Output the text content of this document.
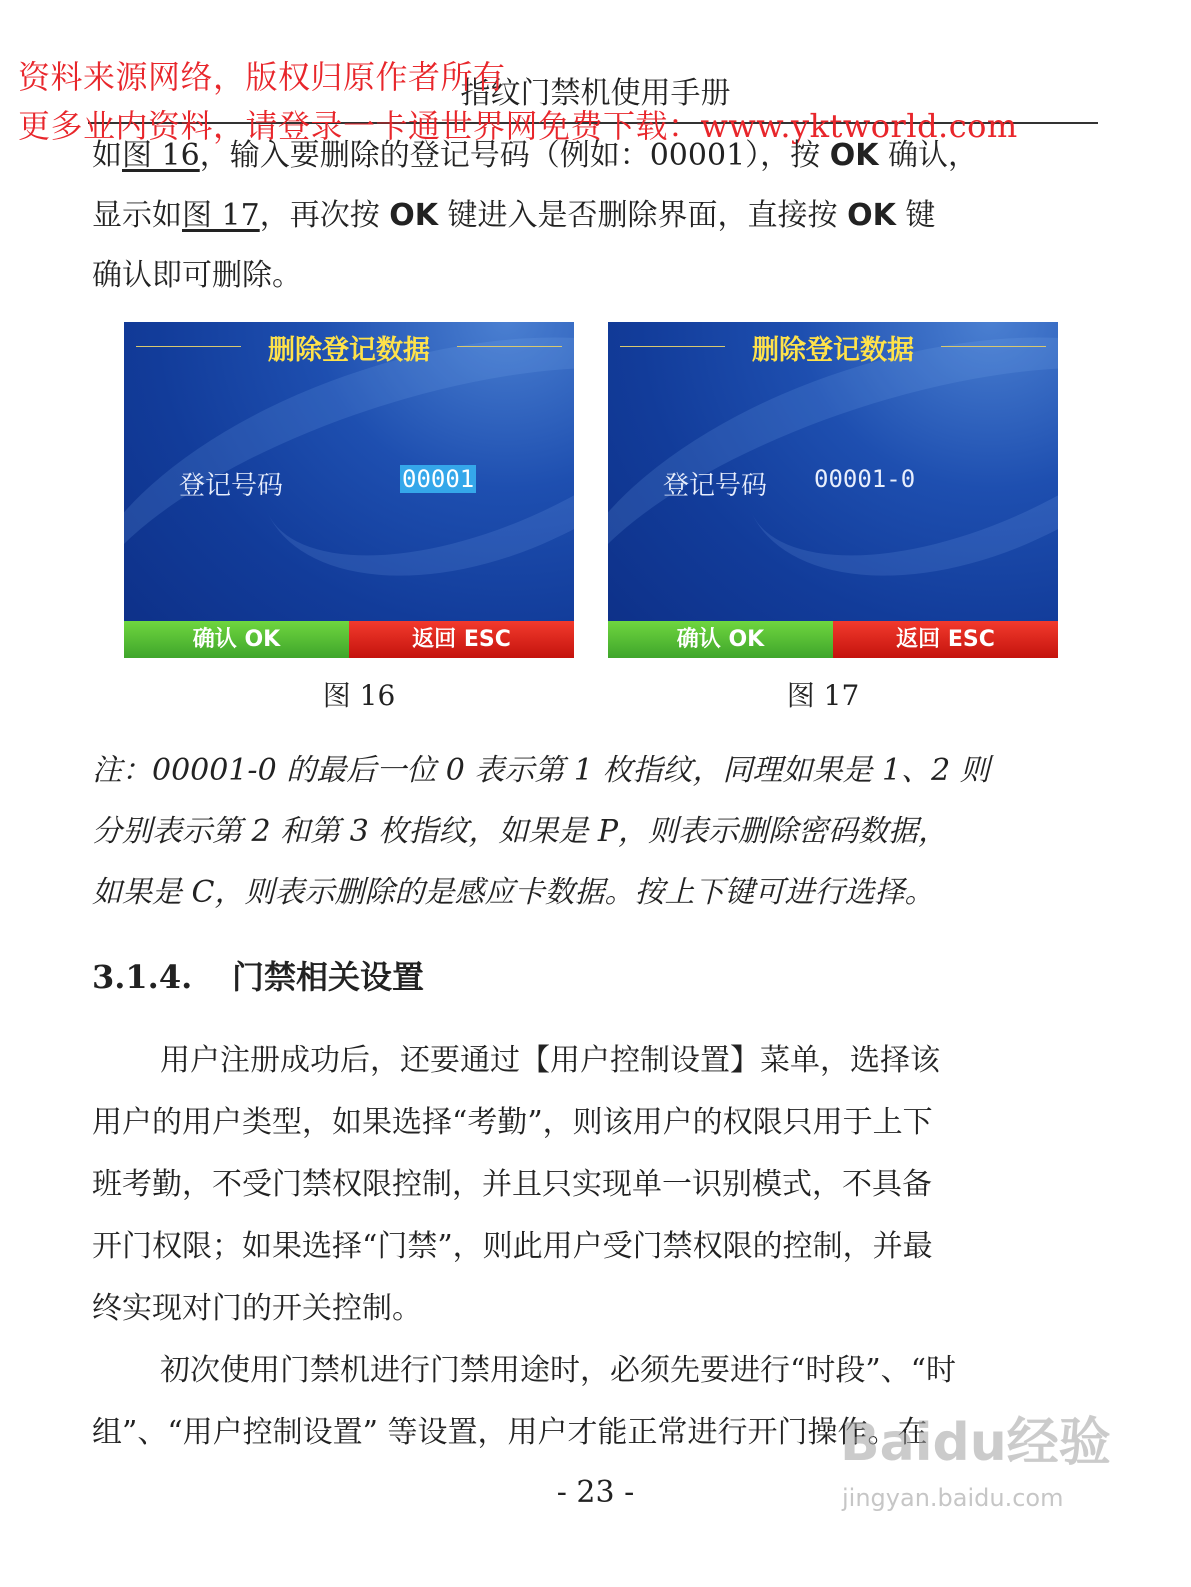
指纹门禁机使用手册
资料来源网络，版权归原作者所有
更多业内资料，请登录一卡通世界网免费下载：www.yktworld.com
如图 16，输入要删除的登记号码（例如：00001），按 OK 确认，
显示如图 17，再次按 OK 键进入是否删除界面，直接按 OK 键
确认即可删除。
删除登记数据
登记号码	00001
确认 OK	返回 ESC
删除登记数据
登记号码 00001-0
确认 OK	返回 ESC
图 16	图 17
注：00001-0 的最后一位 0 表示第 1 枚指纹，同理如果是 1、2 则
分别表示第 2 和第 3 枚指纹，如果是 P，则表示删除密码数据，
如果是 C，则表示删除的是感应卡数据。按上下键可进行选择。
3.1.4. 门禁相关设置
用户注册成功后，还要通过【用户控制设置】菜单，选择该
用户的用户类型，如果选择“考勤”，则该用户的权限只用于上下
班考勤，不受门禁权限控制，并且只实现单一识别模式，不具备
开门权限；如果选择“门禁”，则此用户受门禁权限的控制，并最
终实现对门的开关控制。
初次使用门禁机进行门禁用途时，必须先要进行“时段”、“时
组”、“用户控制设置” 等设置，用户才能正常进行开门操作。在
Baidu经验
jingyan.baidu.com
- 23 -
